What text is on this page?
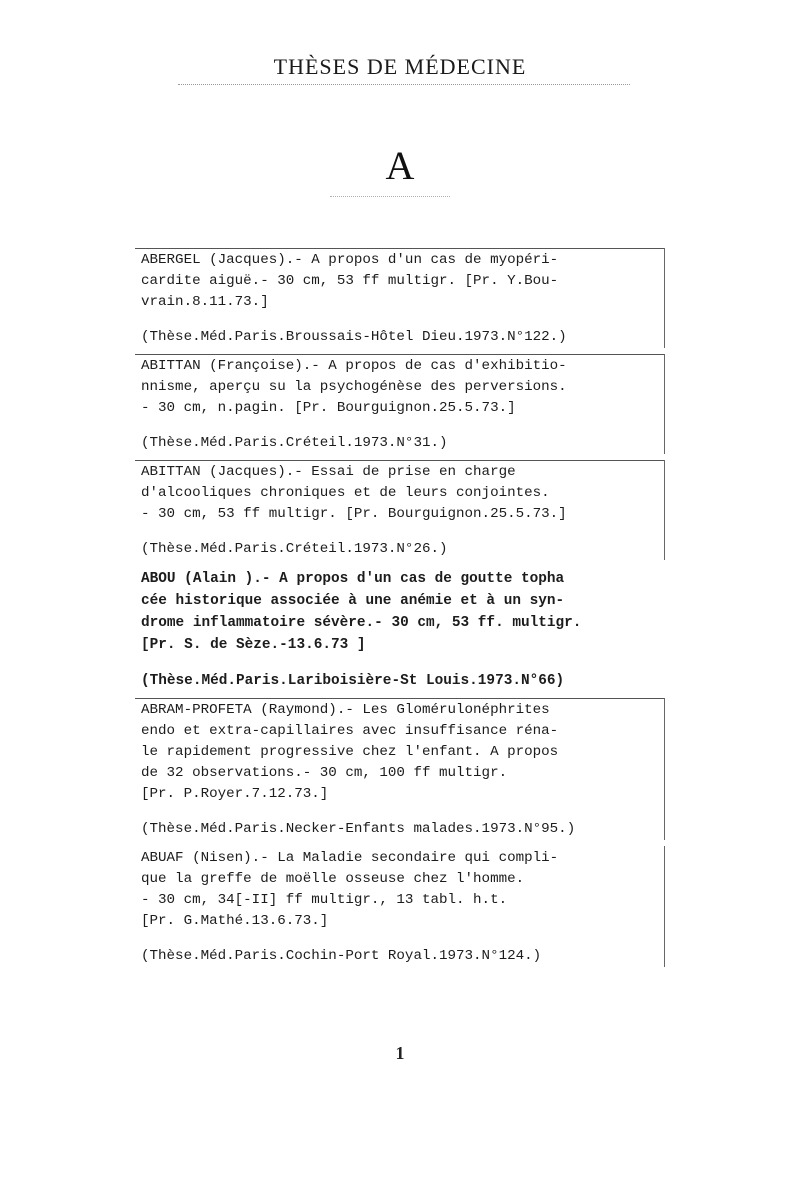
THÈSES DE MÉDECINE
A
ABERGEL (Jacques).- A propos d'un cas de myopéri-
cardite aiguë.- 30 cm, 53 ff multigr. [Pr. Y.Bou-
vrain.8.11.73.]
(Thèse.Méd.Paris.Broussais-Hôtel Dieu.1973.N°122.)
ABITTAN (Françoise).- A propos de cas d'exhibitio-
nnisme, aperçu su la psychogénèse des perversions.
- 30 cm, n.pagin. [Pr. Bourguignon.25.5.73.]
(Thèse.Méd.Paris.Créteil.1973.N°31.)
ABITTAN (Jacques).- Essai de prise en charge
d'alcooliques chroniques et de leurs conjointes.
- 30 cm, 53 ff multigr. [Pr. Bourguignon.25.5.73.]
(Thèse.Méd.Paris.Créteil.1973.N°26.)
ABOU (Alain ).- A propos d'un cas de goutte topha
cée historique associée à une anémie et à un syn-
drome inflammatoire sévère.- 30 cm, 53 ff. multigr.
[Pr. S. de Sèze.-13.6.73 ]
(Thèse.Méd.Paris.Lariboisière-St Louis.1973.N°66)
ABRAM-PROFETA (Raymond).- Les Glomérulonéphrites
endo et extra-capillaires avec insuffisance réna-
le rapidement progressive chez l'enfant. A propos
de 32 observations.- 30 cm, 100 ff multigr.
[Pr. P.Royer.7.12.73.]
(Thèse.Méd.Paris.Necker-Enfants malades.1973.N°95.)
ABUAF (Nisen).- La Maladie secondaire qui compli-
que la greffe de moëlle osseuse chez l'homme.
- 30 cm, 34[-II] ff multigr., 13 tabl. h.t.
[Pr. G.Mathé.13.6.73.]
(Thèse.Méd.Paris.Cochin-Port Royal.1973.N°124.)
1
